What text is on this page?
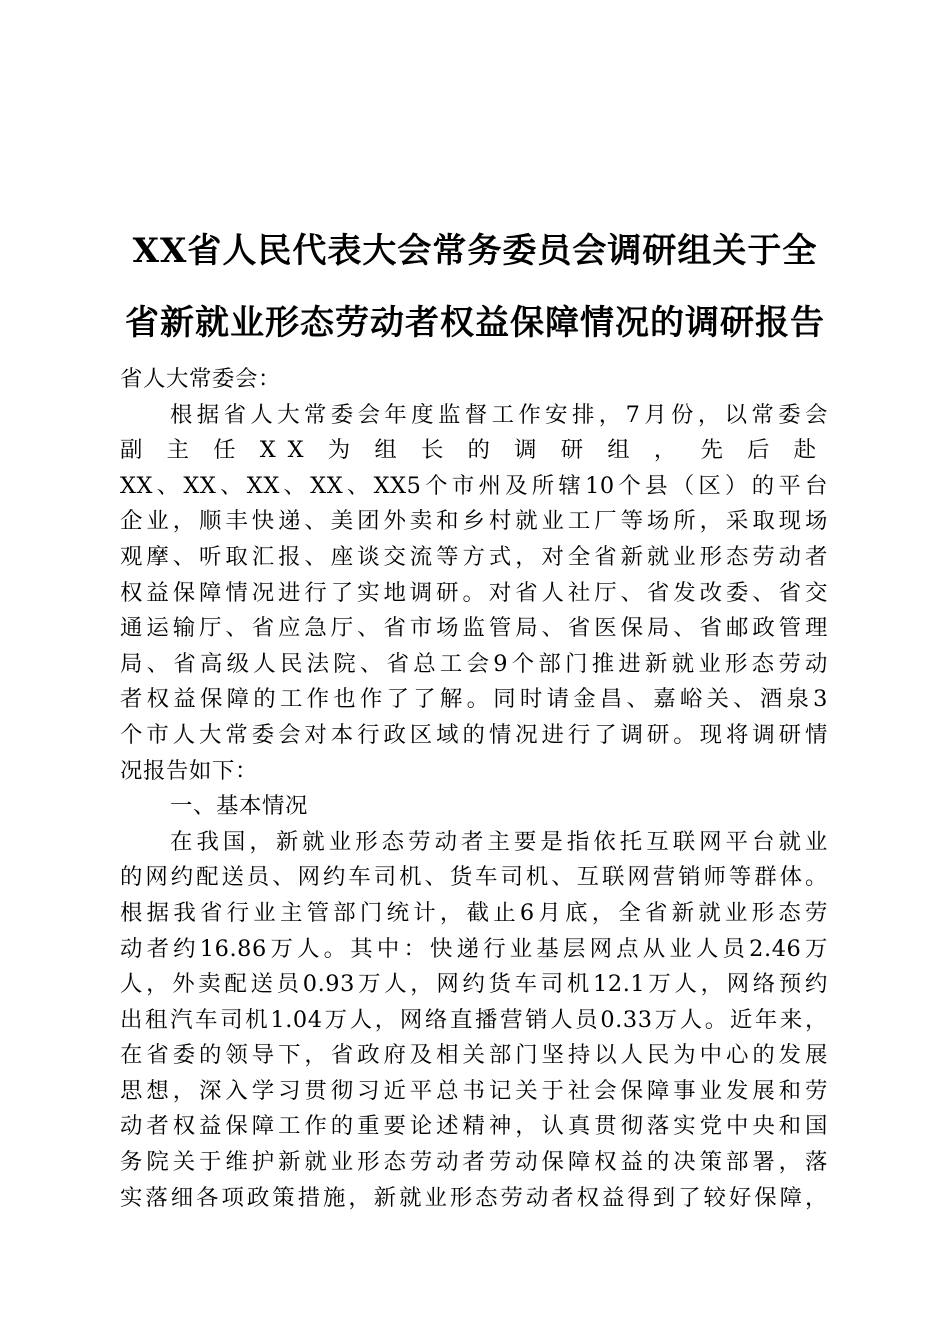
XX省人民代表大会常务委员会调研组关于全
省新就业形态劳动者权益保障情况的调研报告

省人大常委会：

根据省人大常委会年度监督工作安排，7月份，以常委会
副主任XX为组长的调研组，先后赴
XX、XX、XX、XX、XX5个市州及所辖10个县（区）的平台
企业，顺丰快递、美团外卖和乡村就业工厂等场所，采取现场
观摩、听取汇报、座谈交流等方式，对全省新就业形态劳动者
权益保障情况进行了实地调研。对省人社厅、省发改委、省交
通运输厅、省应急厅、省市场监管局、省医保局、省邮政管理
局、省高级人民法院、省总工会9个部门推进新就业形态劳动
者权益保障的工作也作了了解。同时请金昌、嘉峪关、酒泉3
个市人大常委会对本行政区域的情况进行了调研。现将调研情
况报告如下：

一、基本情况

在我国，新就业形态劳动者主要是指依托互联网平台就业
的网约配送员、网约车司机、货车司机、互联网营销师等群体。
根据我省行业主管部门统计，截止6月底，全省新就业形态劳
动者约16.86万人。其中：快递行业基层网点从业人员2.46万
人，外卖配送员0.93万人，网约货车司机12.1万人，网络预约
出租汽车司机1.04万人，网络直播营销人员0.33万人。近年来，
在省委的领导下，省政府及相关部门坚持以人民为中心的发展
思想，深入学习贯彻习近平总书记关于社会保障事业发展和劳
动者权益保障工作的重要论述精神，认真贯彻落实党中央和国
务院关于维护新就业形态劳动者劳动保障权益的决策部署，落
实落细各项政策措施，新就业形态劳动者权益得到了较好保障，
